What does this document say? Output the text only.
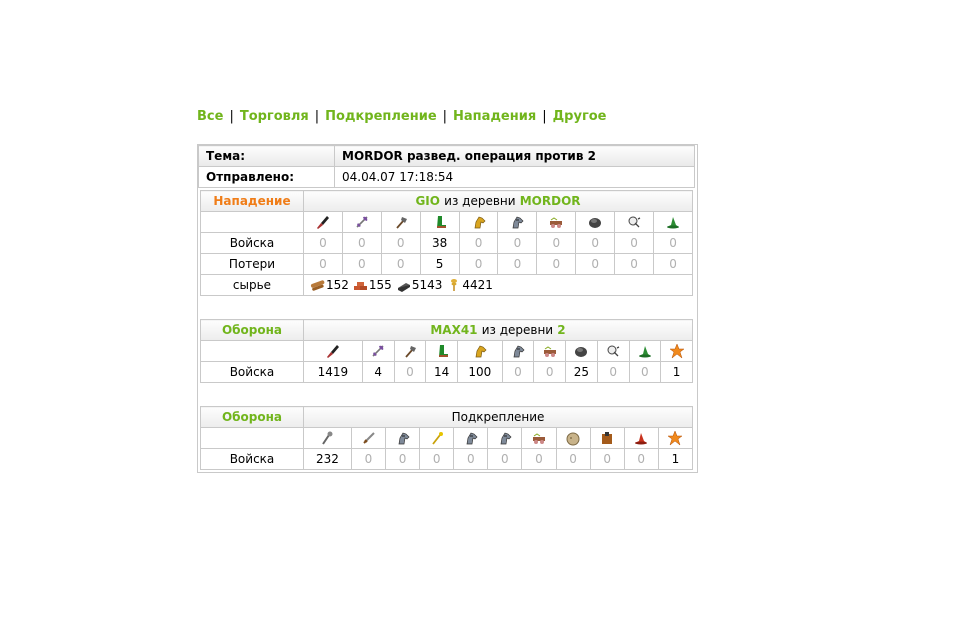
Все | Торговля | Подкрепление | Нападения | Другое
Тема:	MORDOR развед. операция против 2
Отправлено:	04.04.07 17:18:54
Нападение	GIO из деревни MORDOR									

Войска	0	0	0	38	0	0	0	0	0	0
Потери	0	0	0	5	0	0	0	0	0	0
сырье	152 155 5143 4421									
Оборона	MAX41 из деревни 2										

Войска	1419	4	0	14	100	0	0	25	0	0	1
Оборона	Подкрепление										

Войска	232	0	0	0	0	0	0	0	0	0	1
